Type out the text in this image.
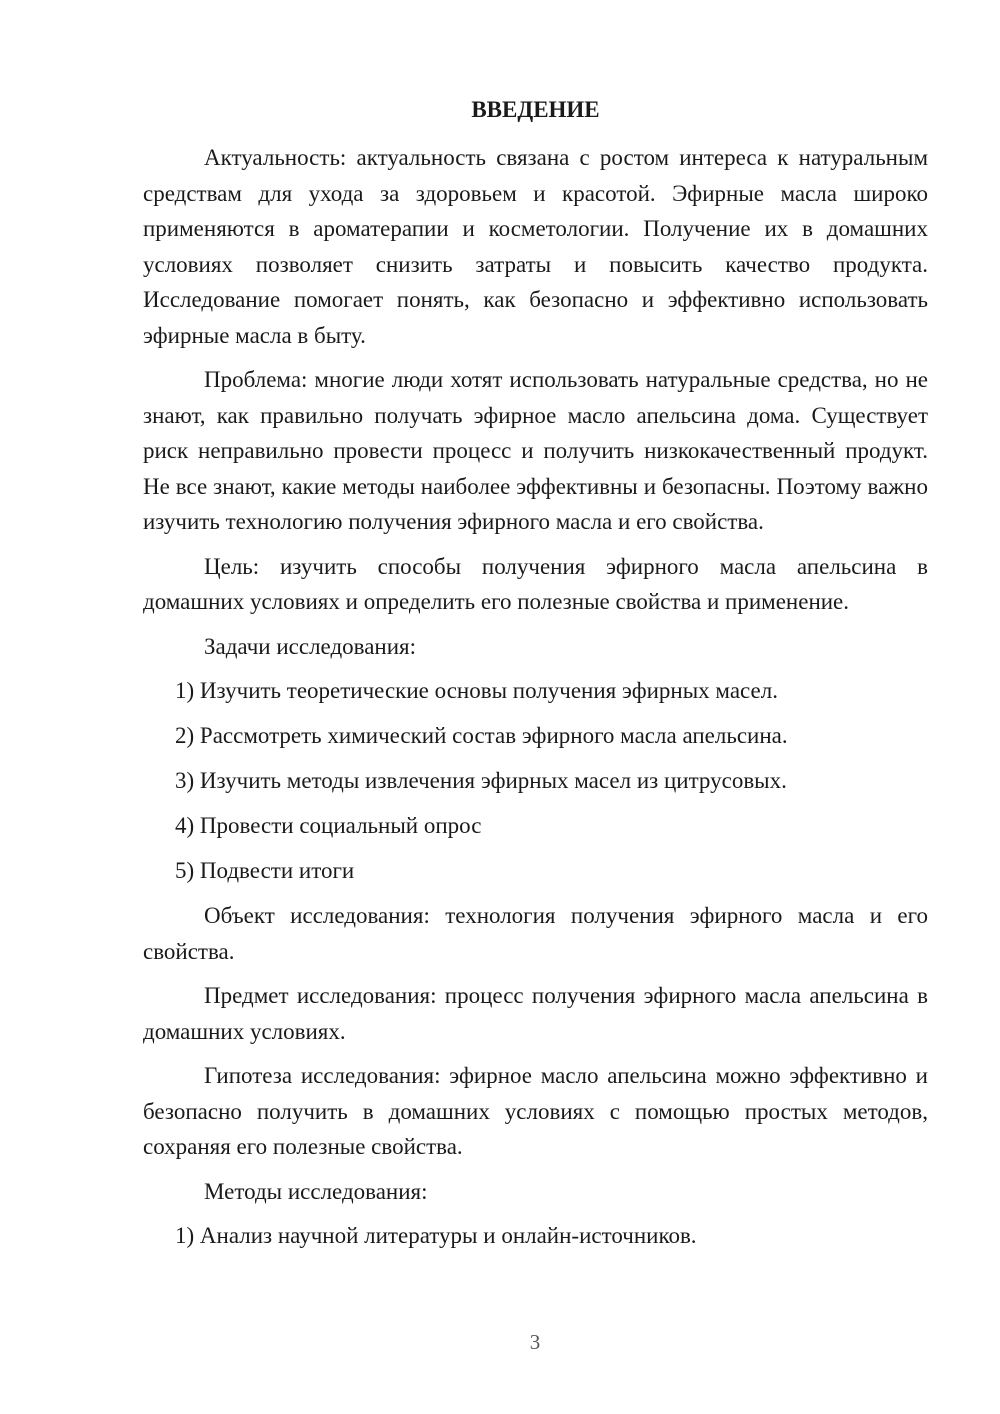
ВВЕДЕНИЕ

Актуальность: актуальность связана с ростом интереса к натуральным средствам для ухода за здоровьем и красотой. Эфирные масла широко применяются в ароматерапии и косметологии. Получение их в домашних условиях позволяет снизить затраты и повысить качество продукта. Исследование помогает понять, как безопасно и эффективно использовать эфирные масла в быту.

Проблема: многие люди хотят использовать натуральные средства, но не знают, как правильно получать эфирное масло апельсина дома. Существует риск неправильно провести процесс и получить низкокачественный продукт. Не все знают, какие методы наиболее эффективны и безопасны. Поэтому важно изучить технологию получения эфирного масла и его свойства.

Цель: изучить способы получения эфирного масла апельсина в домашних условиях и определить его полезные свойства и применение.

Задачи исследования:

1) Изучить теоретические основы получения эфирных масел.

2) Рассмотреть химический состав эфирного масла апельсина.

3) Изучить методы извлечения эфирных масел из цитрусовых.

4) Провести социальный опрос

5) Подвести итоги

Объект исследования: технология получения эфирного масла и его свойства.

Предмет исследования: процесс получения эфирного масла апельсина в домашних условиях.

Гипотеза исследования: эфирное масло апельсина можно эффективно и безопасно получить в домашних условиях с помощью простых методов, сохраняя его полезные свойства.

Методы исследования:

1) Анализ научной литературы и онлайн-источников.

3
